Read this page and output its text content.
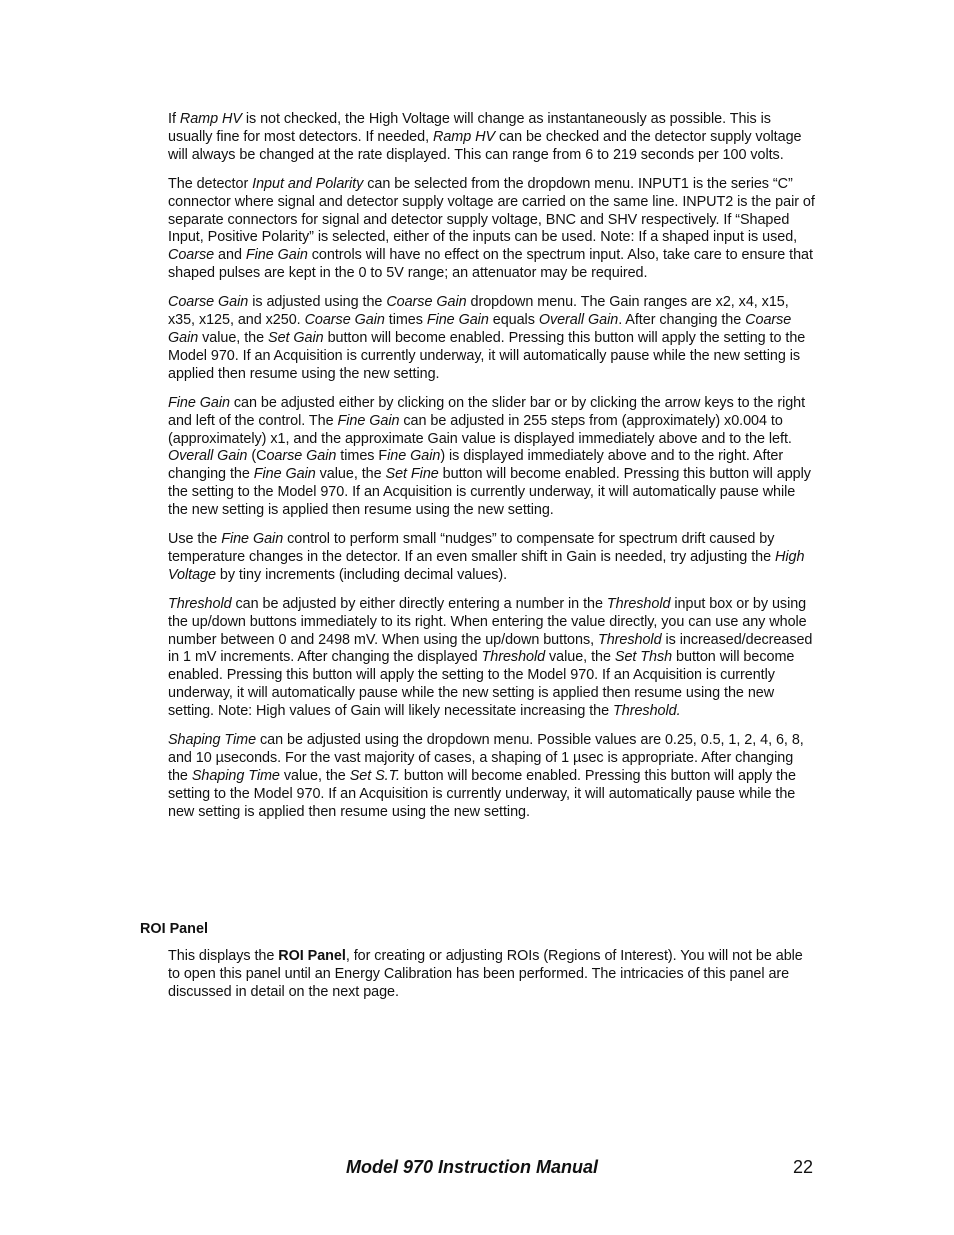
If Ramp HV is not checked, the High Voltage will change as instantaneously as possible. This is usually fine for most detectors. If needed, Ramp HV can be checked and the detector supply voltage will always be changed at the rate displayed. This can range from 6 to 219 seconds per 100 volts.

The detector Input and Polarity can be selected from the dropdown menu. INPUT1 is the series “C” connector where signal and detector supply voltage are carried on the same line. INPUT2 is the pair of separate connectors for signal and detector supply voltage, BNC and SHV respectively. If “Shaped Input, Positive Polarity” is selected, either of the inputs can be used. Note: If a shaped input is used, Coarse and Fine Gain controls will have no effect on the spectrum input. Also, take care to ensure that shaped pulses are kept in the 0 to 5V range; an attenuator may be required.

Coarse Gain is adjusted using the Coarse Gain dropdown menu. The Gain ranges are x2, x4, x15, x35, x125, and x250. Coarse Gain times Fine Gain equals Overall Gain. After changing the Coarse Gain value, the Set Gain button will become enabled. Pressing this button will apply the setting to the Model 970. If an Acquisition is currently underway, it will automatically pause while the new setting is applied then resume using the new setting.

Fine Gain can be adjusted either by clicking on the slider bar or by clicking the arrow keys to the right and left of the control. The Fine Gain can be adjusted in 255 steps from (approximately) x0.004 to (approximately) x1, and the approximate Gain value is displayed immediately above and to the left. Overall Gain (Coarse Gain times Fine Gain) is displayed immediately above and to the right. After changing the Fine Gain value, the Set Fine button will become enabled. Pressing this button will apply the setting to the Model 970. If an Acquisition is currently underway, it will automatically pause while the new setting is applied then resume using the new setting.

Use the Fine Gain control to perform small “nudges” to compensate for spectrum drift caused by temperature changes in the detector. If an even smaller shift in Gain is needed, try adjusting the High Voltage by tiny increments (including decimal values).

Threshold can be adjusted by either directly entering a number in the Threshold input box or by using the up/down buttons immediately to its right. When entering the value directly, you can use any whole number between 0 and 2498 mV. When using the up/down buttons, Threshold is increased/decreased in 1 mV increments. After changing the displayed Threshold value, the Set Thsh button will become enabled. Pressing this button will apply the setting to the Model 970. If an Acquisition is currently underway, it will automatically pause while the new setting is applied then resume using the new setting. Note: High values of Gain will likely necessitate increasing the Threshold.

Shaping Time can be adjusted using the dropdown menu. Possible values are 0.25, 0.5, 1, 2, 4, 6, 8, and 10 µseconds. For the vast majority of cases, a shaping of 1 µsec is appropriate. After changing the Shaping Time value, the Set S.T. button will become enabled. Pressing this button will apply the setting to the Model 970. If an Acquisition is currently underway, it will automatically pause while the new setting is applied then resume using the new setting.

ROI Panel

This displays the ROI Panel, for creating or adjusting ROIs (Regions of Interest). You will not be able to open this panel until an Energy Calibration has been performed. The intricacies of this panel are discussed in detail on the next page.

Model 970 Instruction Manual	22
